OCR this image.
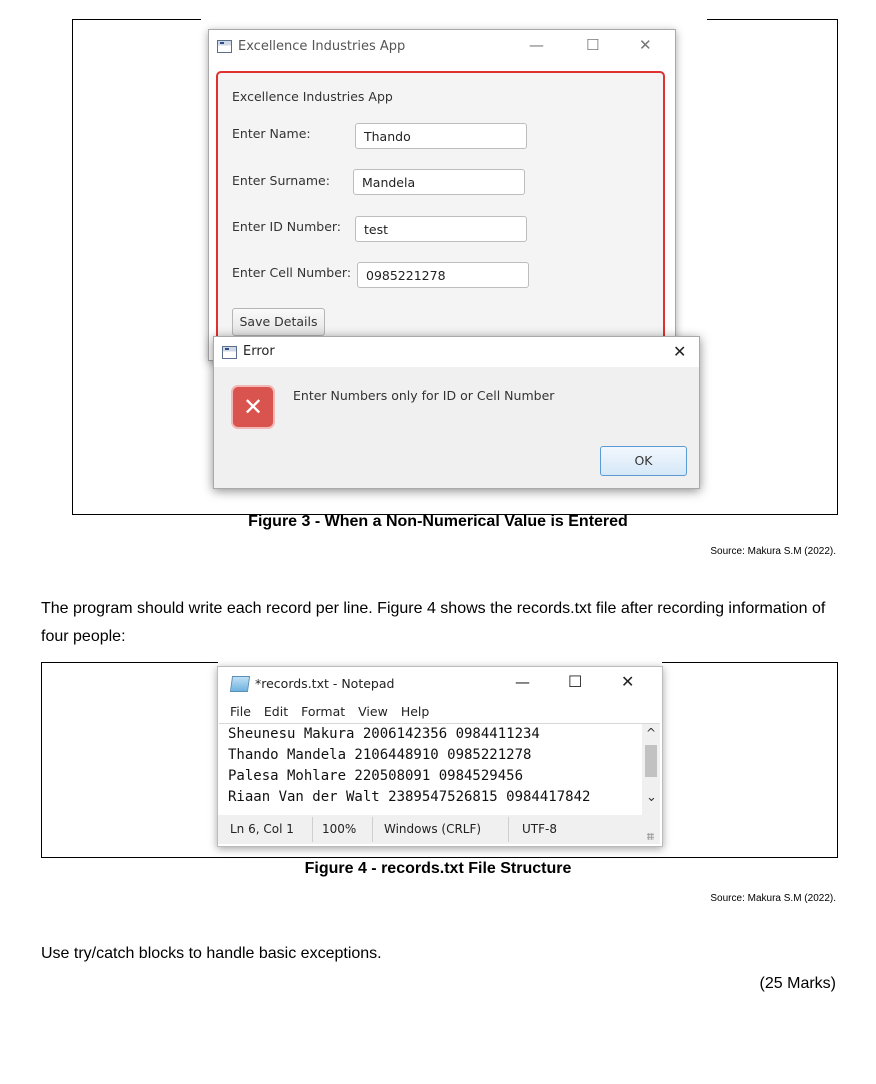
Excellence Industries App	—	☐	✕
Excellence Industries App
Enter Name:	Thando
Enter Surname:	Mandela
Enter ID Number:	test
Enter Cell Number:	0985221278
Save Details
Error	✕
✕	Enter Numbers only for ID or Cell Number
OK
Figure 3 - When a Non-Numerical Value is Entered
Source: Makura S.M (2022).
The program should write each record per line. Figure 4 shows the records.txt file after recording information of four people:
*records.txt - Notepad	— ☐ ✕
File Edit Format View Help
Sheunesu Makura 2006142356 0984411234
Thando Mandela 2106448910 0985221278
Palesa Mohlare 220508091 0984529456
Riaan Van der Walt 2389547526815 0984417842
^
⌄
Ln 6, Col 1 100% Windows (CRLF)	UTF-8
Figure 4 - records.txt File Structure
Source: Makura S.M (2022).
Use try/catch blocks to handle basic exceptions.
(25 Marks)
